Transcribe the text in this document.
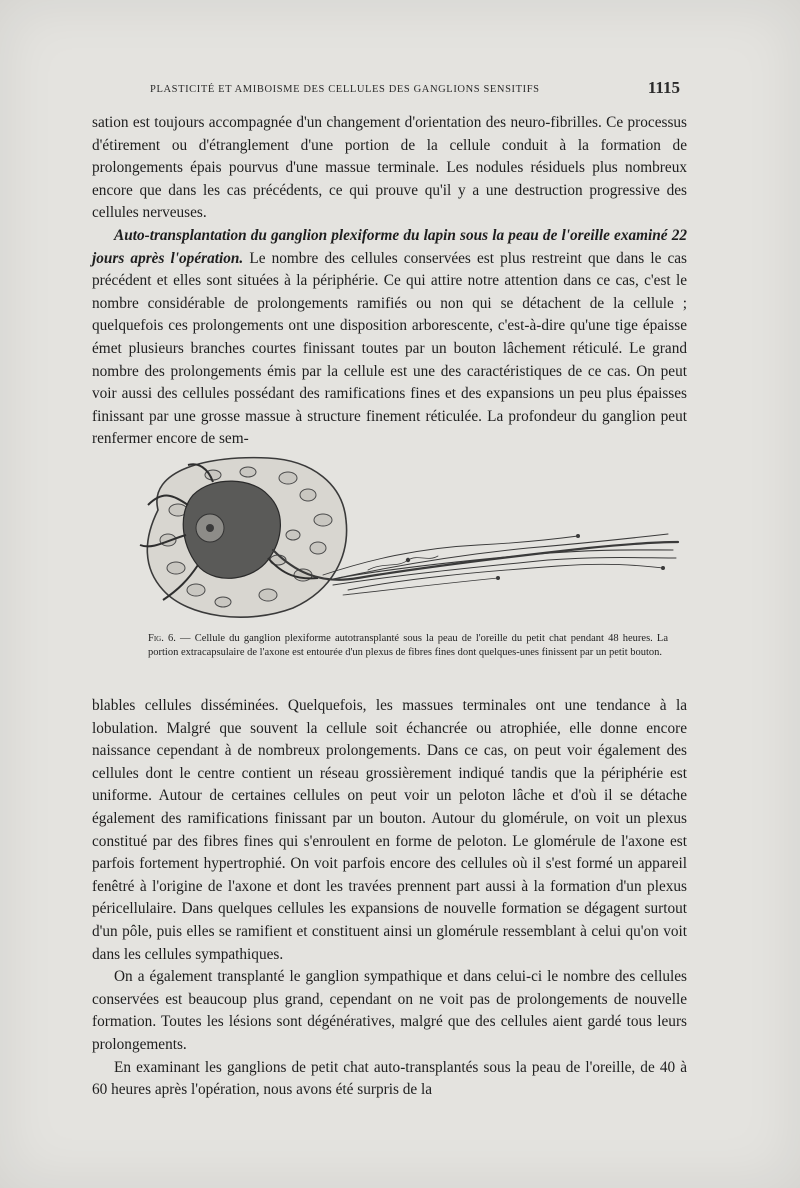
PLASTICITÉ ET AMIBOISME DES CELLULES DES GANGLIONS SENSITIFS	1115

sation est toujours accompagnée d'un changement d'orientation des neuro-fibrilles. Ce processus d'étirement ou d'étranglement d'une portion de la cellule conduit à la formation de prolongements épais pourvus d'une massue terminale. Les nodules résiduels plus nombreux encore que dans les cas précédents, ce qui prouve qu'il y a une destruction progressive des cellules nerveuses.

Auto-transplantation du ganglion plexiforme du lapin sous la peau de l'oreille examiné 22 jours après l'opération. Le nombre des cellules conservées est plus restreint que dans le cas précédent et elles sont situées à la périphérie. Ce qui attire notre attention dans ce cas, c'est le nombre considérable de prolongements ramifiés ou non qui se détachent de la cellule ; quelquefois ces prolongements ont une disposition arborescente, c'est-à-dire qu'une tige épaisse émet plusieurs branches courtes finissant toutes par un bouton lâchement réticulé. Le grand nombre des prolongements émis par la cellule est une des caractéristiques de ce cas. On peut voir aussi des cellules possédant des ramifications fines et des expansions un peu plus épaisses finissant par une grosse massue à structure finement réticulée. La profondeur du ganglion peut renfermer encore de sem-

Fig. 6. — Cellule du ganglion plexiforme autotransplanté sous la peau de l'oreille du petit chat pendant 48 heures. La portion extracapsulaire de l'axone est entourée d'un plexus de fibres fines dont quelques-unes finissent par un petit bouton.

blables cellules disséminées. Quelquefois, les massues terminales ont une tendance à la lobulation. Malgré que souvent la cellule soit échancrée ou atrophiée, elle donne encore naissance cependant à de nombreux prolongements. Dans ce cas, on peut voir également des cellules dont le centre contient un réseau grossièrement indiqué tandis que la périphérie est uniforme. Autour de certaines cellules on peut voir un peloton lâche et d'où il se détache également des ramifications finissant par un bouton. Autour du glomérule, on voit un plexus constitué par des fibres fines qui s'enroulent en forme de peloton. Le glomérule de l'axone est parfois fortement hypertrophié. On voit parfois encore des cellules où il s'est formé un appareil fenêtré à l'origine de l'axone et dont les travées prennent part aussi à la formation d'un plexus péricellulaire. Dans quelques cellules les expansions de nouvelle formation se dégagent surtout d'un pôle, puis elles se ramifient et constituent ainsi un glomérule ressemblant à celui qu'on voit dans les cellules sympathiques.

On a également transplanté le ganglion sympathique et dans celui-ci le nombre des cellules conservées est beaucoup plus grand, cependant on ne voit pas de prolongements de nouvelle formation. Toutes les lésions sont dégénératives, malgré que des cellules aient gardé tous leurs prolongements.

En examinant les ganglions de petit chat auto-transplantés sous la peau de l'oreille, de 40 à 60 heures après l'opération, nous avons été surpris de la
